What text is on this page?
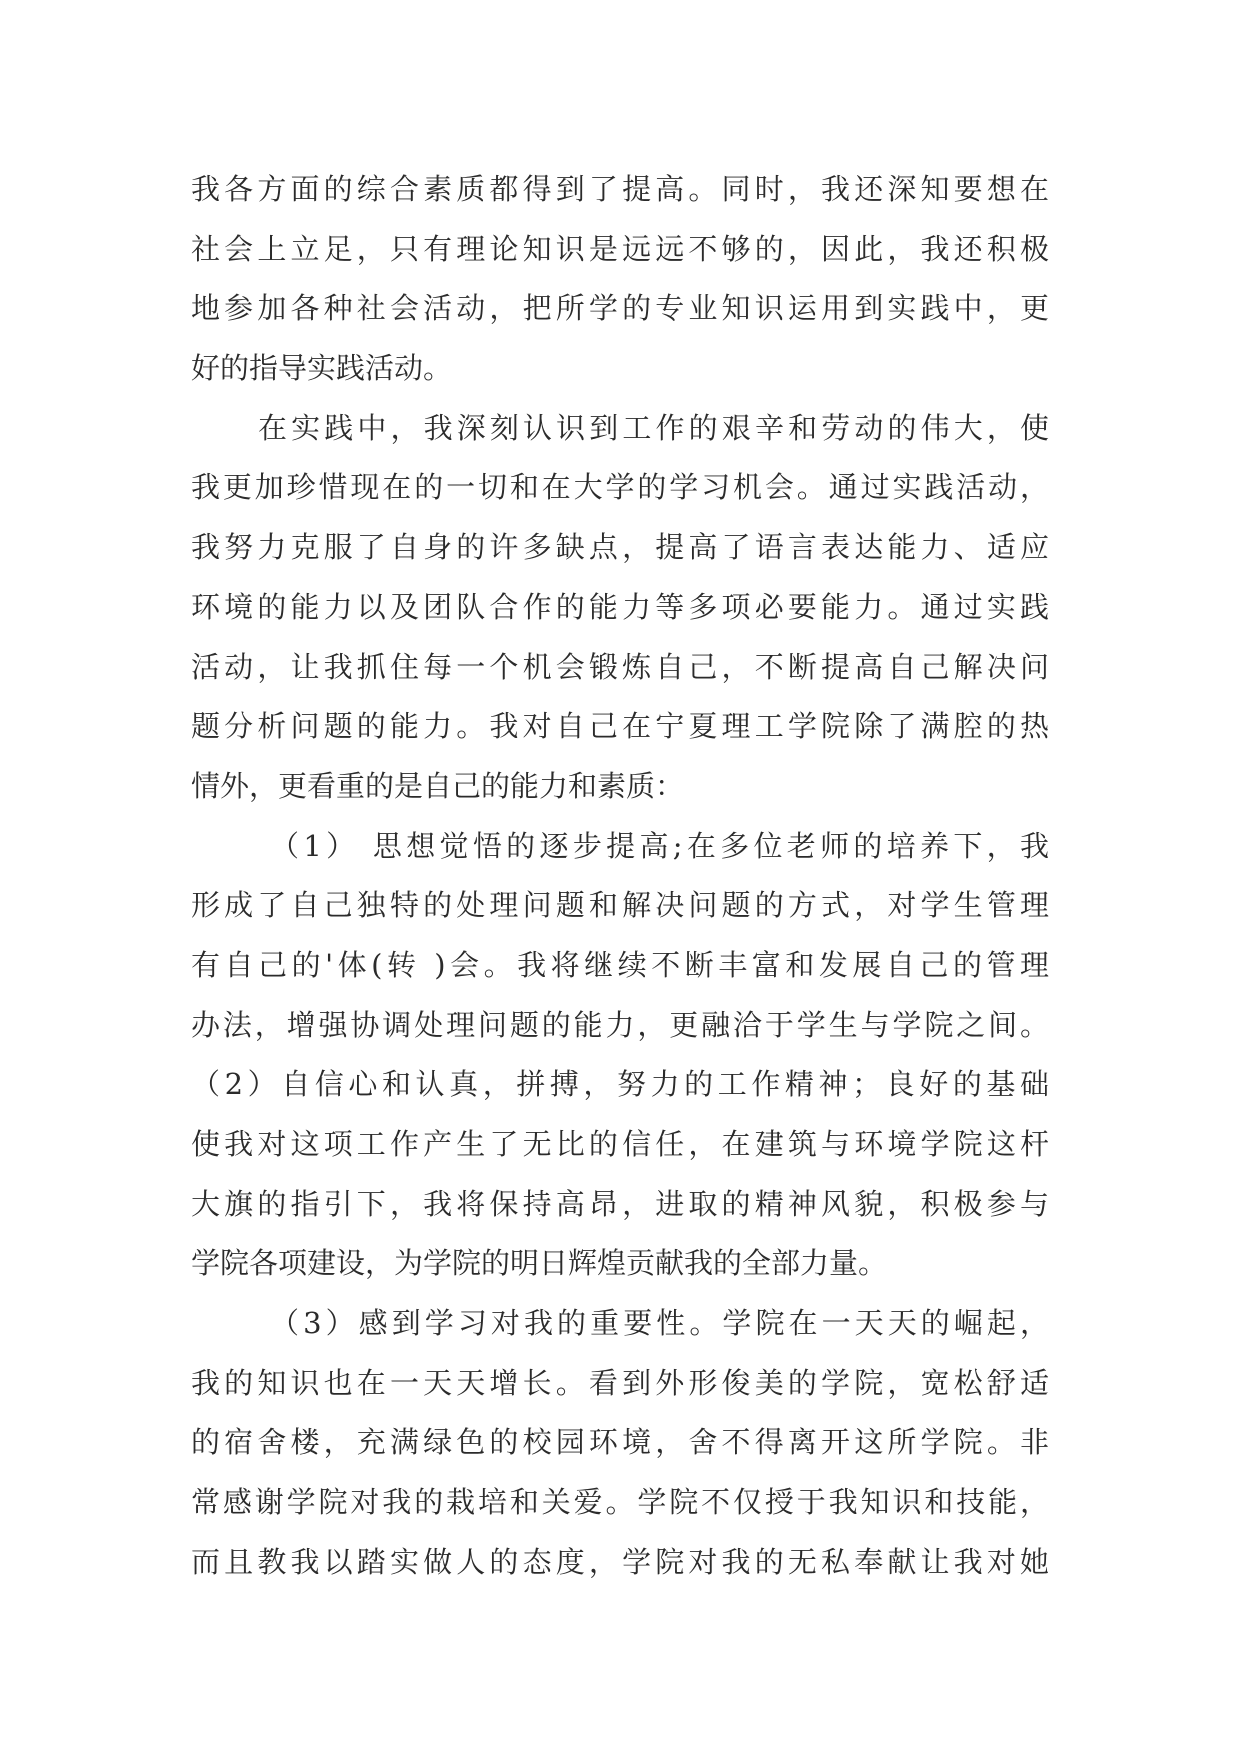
我各方面的综合素质都得到了提高。同时，我还深知要想在
社会上立足，只有理论知识是远远不够的，因此，我还积极
地参加各种社会活动，把所学的专业知识运用到实践中，更
好的指导实践活动。
在实践中，我深刻认识到工作的艰辛和劳动的伟大，使
我更加珍惜现在的一切和在大学的学习机会。通过实践活动，
我努力克服了自身的许多缺点，提高了语言表达能力、适应
环境的能力以及团队合作的能力等多项必要能力。通过实践
活动，让我抓住每一个机会锻炼自己，不断提高自己解决问
题分析问题的能力。我对自己在宁夏理工学院除了满腔的热
情外，更看重的是自己的能力和素质：
（1） 思想觉悟的逐步提高;在多位老师的培养下，我
形成了自己独特的处理问题和解决问题的方式，对学生管理
有自己的'体(转 )会。我将继续不断丰富和发展自己的管理
办法，增强协调处理问题的能力，更融洽于学生与学院之间。
（2）自信心和认真，拼搏，努力的工作精神；良好的基础
使我对这项工作产生了无比的信任，在建筑与环境学院这杆
大旗的指引下，我将保持高昂，进取的精神风貌，积极参与
学院各项建设，为学院的明日辉煌贡献我的全部力量。
（3）感到学习对我的重要性。学院在一天天的崛起，
我的知识也在一天天增长。看到外形俊美的学院，宽松舒适
的宿舍楼，充满绿色的校园环境，舍不得离开这所学院。非
常感谢学院对我的栽培和关爱。学院不仅授于我知识和技能，
而且教我以踏实做人的态度，学院对我的无私奉献让我对她
